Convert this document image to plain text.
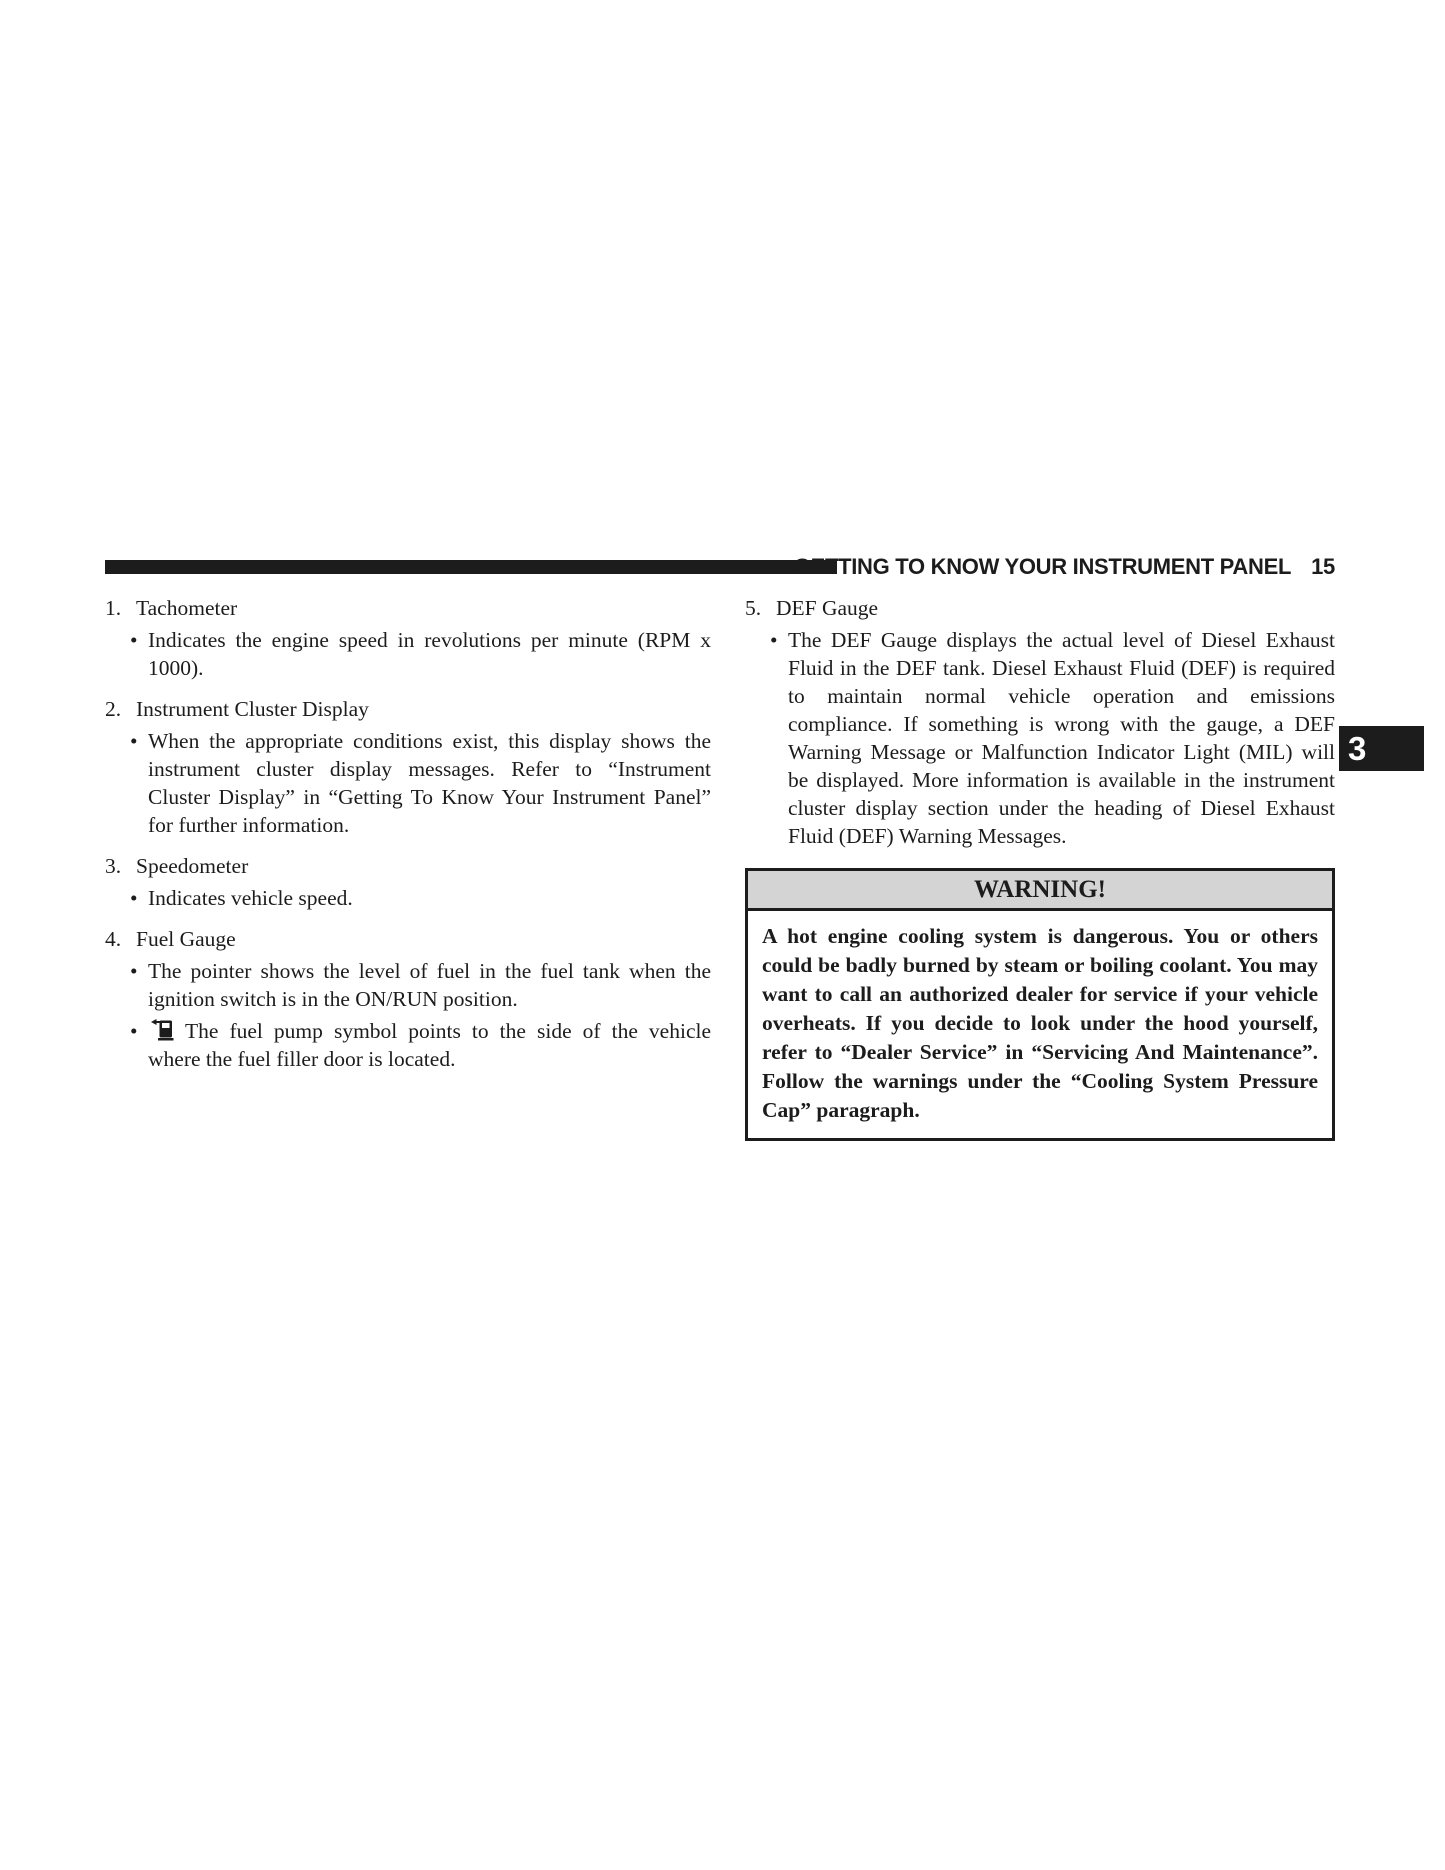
GETTING TO KNOW YOUR INSTRUMENT PANEL 15
1. Tachometer
• Indicates the engine speed in revolutions per minute (RPM x 1000).
2. Instrument Cluster Display
• When the appropriate conditions exist, this display shows the instrument cluster display messages. Refer to “Instrument Cluster Display” in “Getting To Know Your Instrument Panel” for further information.
3. Speedometer
• Indicates vehicle speed.
4. Fuel Gauge
• The pointer shows the level of fuel in the fuel tank when the ignition switch is in the ON/RUN position.
• The fuel pump symbol points to the side of the vehicle where the fuel filler door is located.
5. DEF Gauge
• The DEF Gauge displays the actual level of Diesel Exhaust Fluid in the DEF tank. Diesel Exhaust Fluid (DEF) is required to maintain normal vehicle operation and emissions compliance. If something is wrong with the gauge, a DEF Warning Message or Malfunction Indicator Light (MIL) will be displayed. More information is available in the instrument cluster display section under the heading of Diesel Exhaust Fluid (DEF) Warning Messages.
WARNING!
A hot engine cooling system is dangerous. You or others could be badly burned by steam or boiling coolant. You may want to call an authorized dealer for service if your vehicle overheats. If you decide to look under the hood yourself, refer to “Dealer Service” in “Servicing And Maintenance”. Follow the warnings under the “Cooling System Pressure Cap” paragraph.
3
